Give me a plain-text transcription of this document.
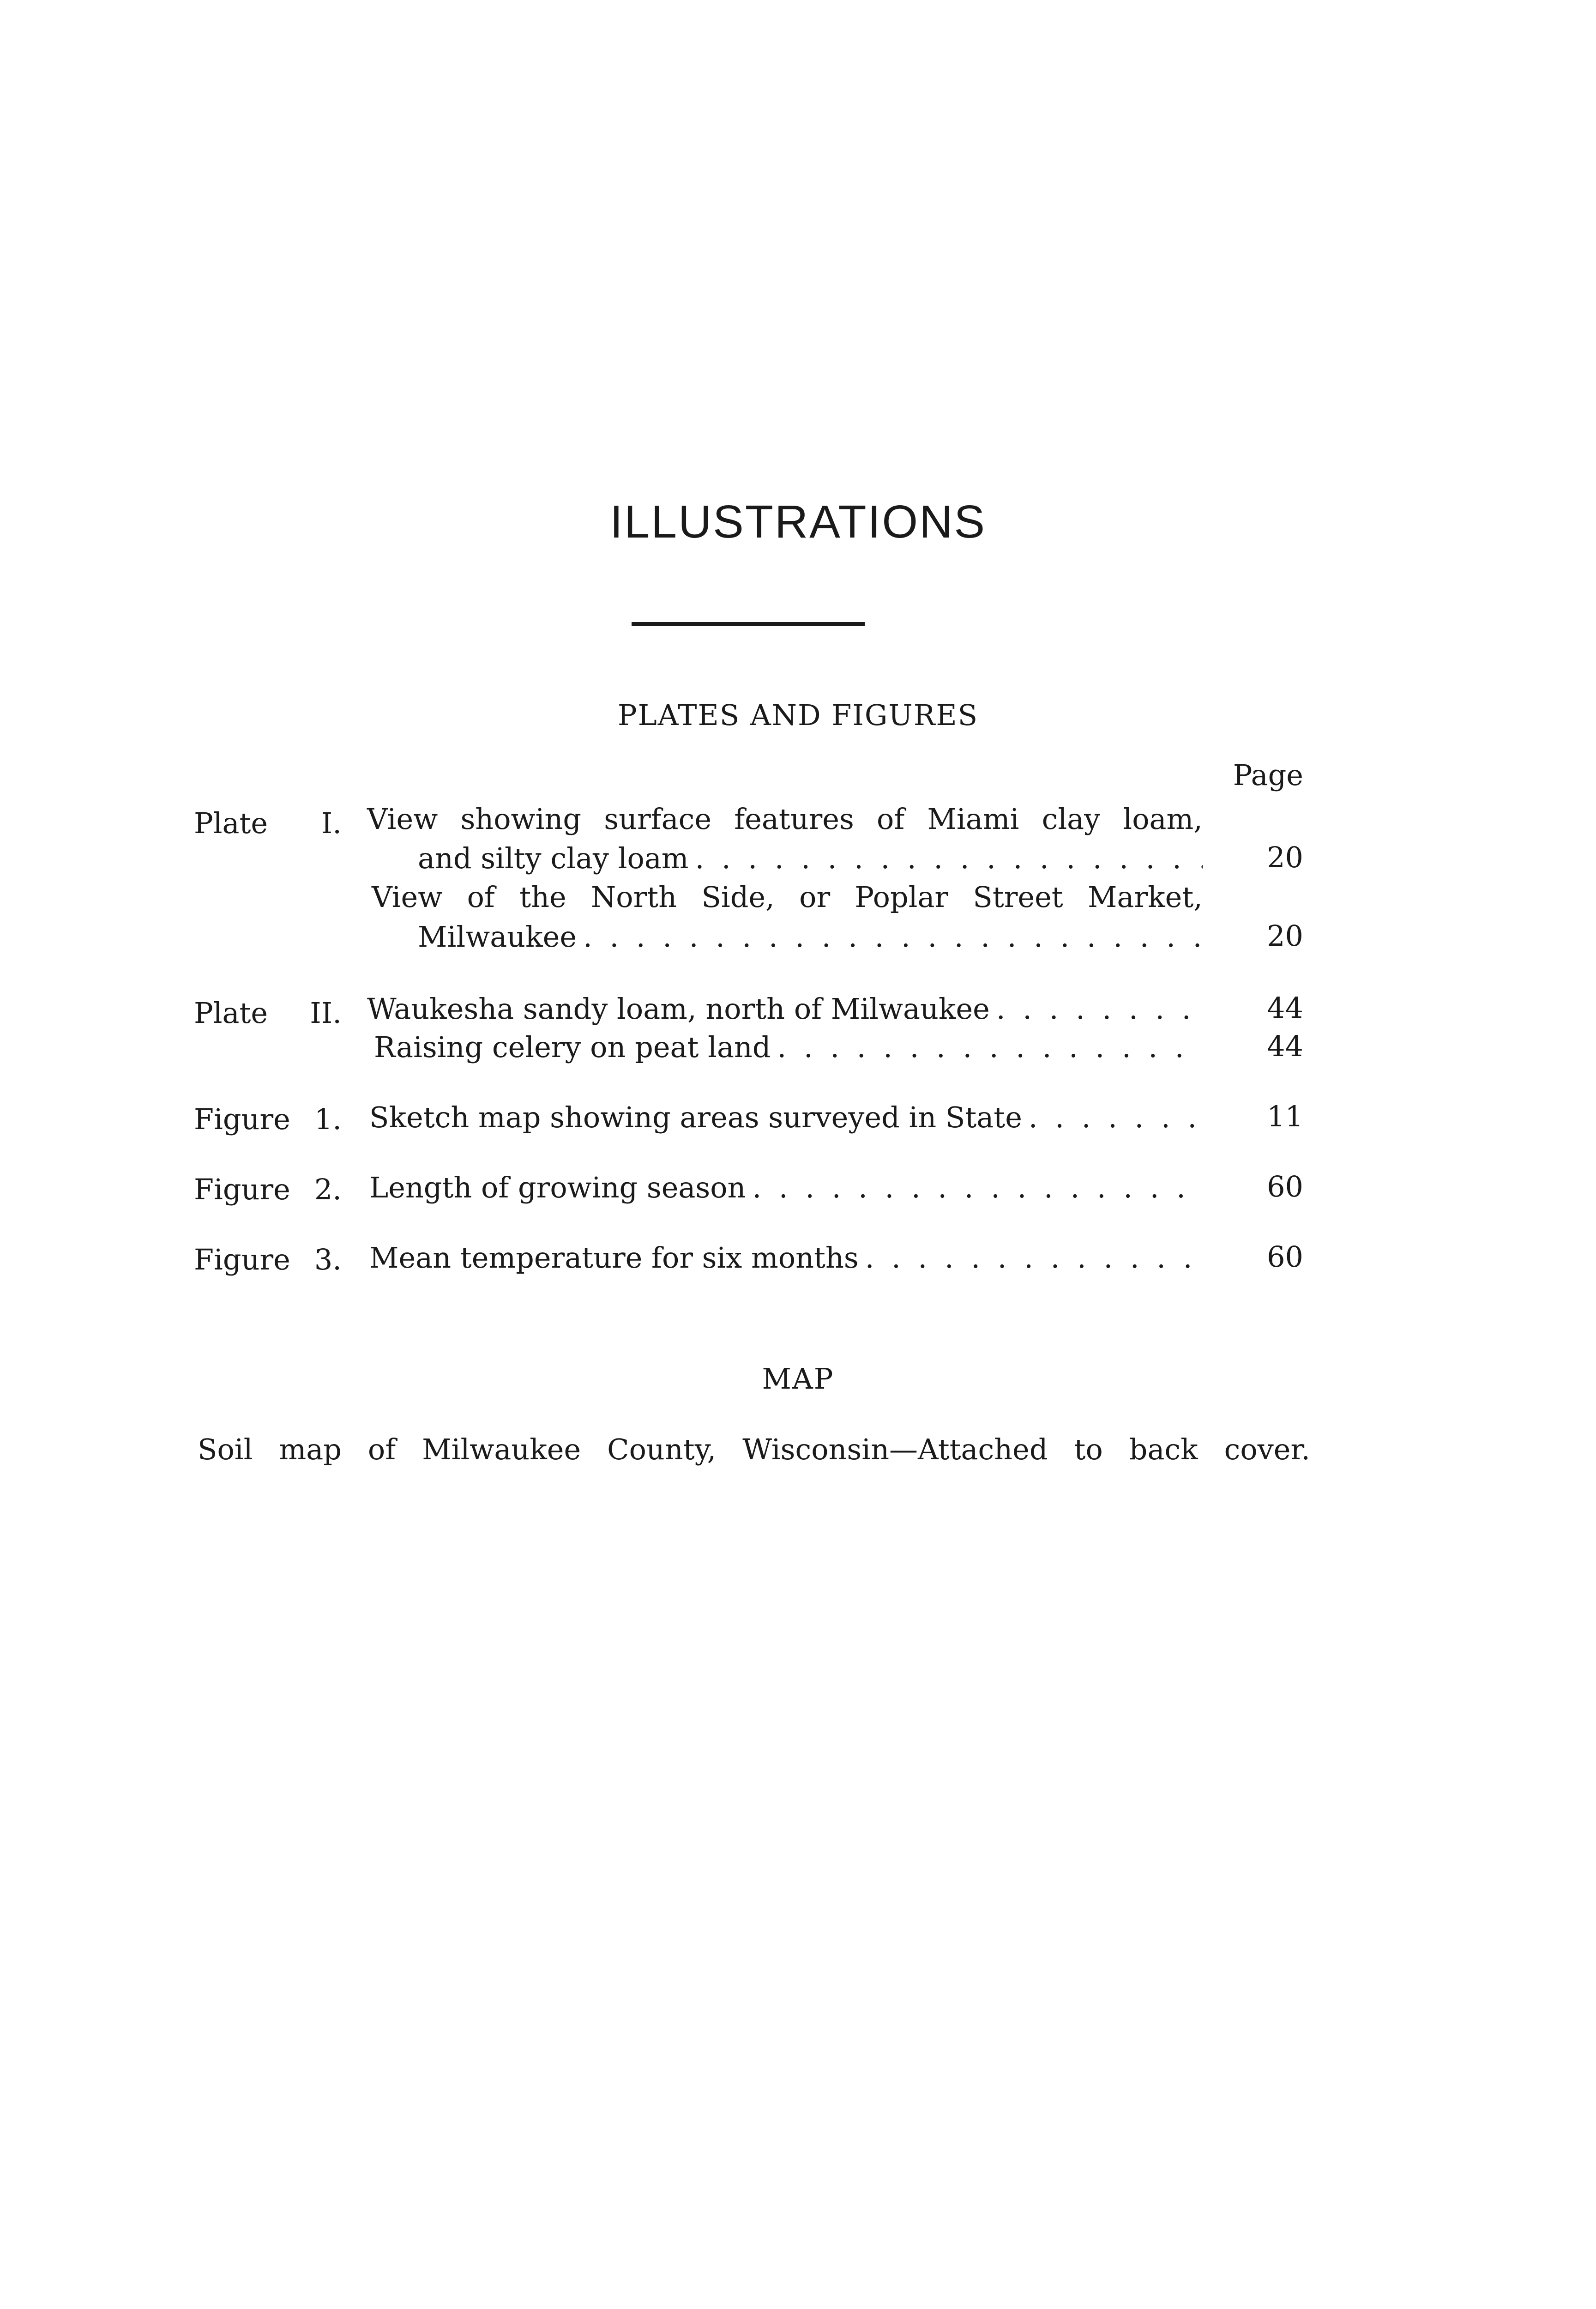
ILLUSTRATIONS
PLATES AND FIGURES
Page
Plate I. View showing surface features of Miami clay loam,
and silty clay loam . . .	20
View of the North Side, or Poplar Street Market,
Milwaukee . . .	20
Plate II. Waukesha sandy loam, north of Milwaukee . . .	44
Raising celery on peat land . . .	44
Figure 1. Sketch map showing areas surveyed in State . . .	11
Figure 2. Length of growing season . . .	60
Figure 3. Mean temperature for six months . . .	60
MAP
Soil map of Milwaukee County, Wisconsin—Attached to back cover.
